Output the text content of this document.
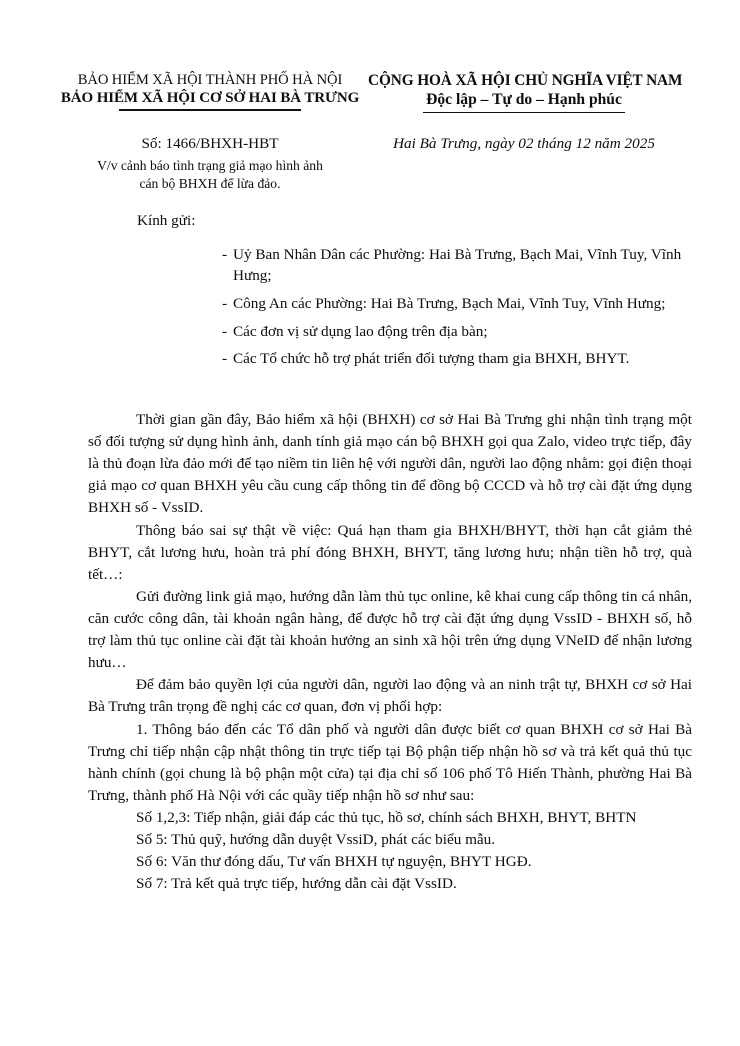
BẢO HIỂM XÃ HỘI THÀNH PHỐ HÀ NỘI
BẢO HIỂM XÃ HỘI CƠ SỞ HAI BÀ TRƯNG
CỘNG HOÀ XÃ HỘI CHỦ NGHĨA VIỆT NAM
Độc lập – Tự do – Hạnh phúc
Số: 1466/BHXH-HBT
V/v cảnh báo tình trạng giả mạo hình ảnh
cán bộ BHXH để lừa đảo.
Hai Bà Trưng, ngày 02 tháng 12 năm 2025
Kính gửi:
- Uỷ Ban Nhân Dân các Phường: Hai Bà Trưng, Bạch Mai, Vĩnh Tuy, Vĩnh Hưng;
- Công An các Phường: Hai Bà Trưng, Bạch Mai, Vĩnh Tuy, Vĩnh Hưng;
- Các đơn vị sử dụng lao động trên địa bàn;
- Các Tổ chức hỗ trợ phát triển đối tượng tham gia BHXH, BHYT.

Thời gian gần đây, Bảo hiểm xã hội (BHXH) cơ sở Hai Bà Trưng ghi nhận tình trạng một số đối tượng sử dụng hình ảnh, danh tính giả mạo cán bộ BHXH gọi qua Zalo, video trực tiếp, đây là thủ đoạn lừa đảo mới để tạo niềm tin liên hệ với người dân, người lao động nhằm: gọi điện thoại giả mạo cơ quan BHXH yêu cầu cung cấp thông tin để đồng bộ CCCD và hỗ trợ cài đặt ứng dụng BHXH số - VssID.

Thông báo sai sự thật về việc: Quá hạn tham gia BHXH/BHYT, thời hạn cắt giảm thẻ BHYT, cắt lương hưu, hoàn trả phí đóng BHXH, BHYT, tăng lương hưu; nhận tiền hỗ trợ, quà tết…:

Gửi đường link giả mạo, hướng dẫn làm thủ tục online, kê khai cung cấp thông tin cá nhân, căn cước công dân, tài khoản ngân hàng, để được hỗ trợ cài đặt ứng dụng VssID - BHXH số, hỗ trợ làm thủ tục online cài đặt tài khoản hưởng an sinh xã hội trên ứng dụng VNeID để nhận lương hưu…

Để đảm bảo quyền lợi của người dân, người lao động và an ninh trật tự, BHXH cơ sở Hai Bà Trưng trân trọng đề nghị các cơ quan, đơn vị phối hợp:

1. Thông báo đến các Tổ dân phố và người dân được biết cơ quan BHXH cơ sở Hai Bà Trưng chỉ tiếp nhận cập nhật thông tin trực tiếp tại Bộ phận tiếp nhận hồ sơ và trả kết quả thủ tục hành chính (gọi chung là bộ phận một cửa) tại địa chỉ số 106 phố Tô Hiến Thành, phường Hai Bà Trưng, thành phố Hà Nội với các quầy tiếp nhận hồ sơ như sau:

Số 1,2,3: Tiếp nhận, giải đáp các thủ tục, hồ sơ, chính sách BHXH, BHYT, BHTN

Số 5: Thủ quỹ, hướng dẫn duyệt VssiD, phát các biểu mẫu.

Số 6: Văn thư đóng dấu, Tư vấn BHXH tự nguyện, BHYT HGĐ.

Số 7: Trả kết quả trực tiếp, hướng dẫn cài đặt VssID.
